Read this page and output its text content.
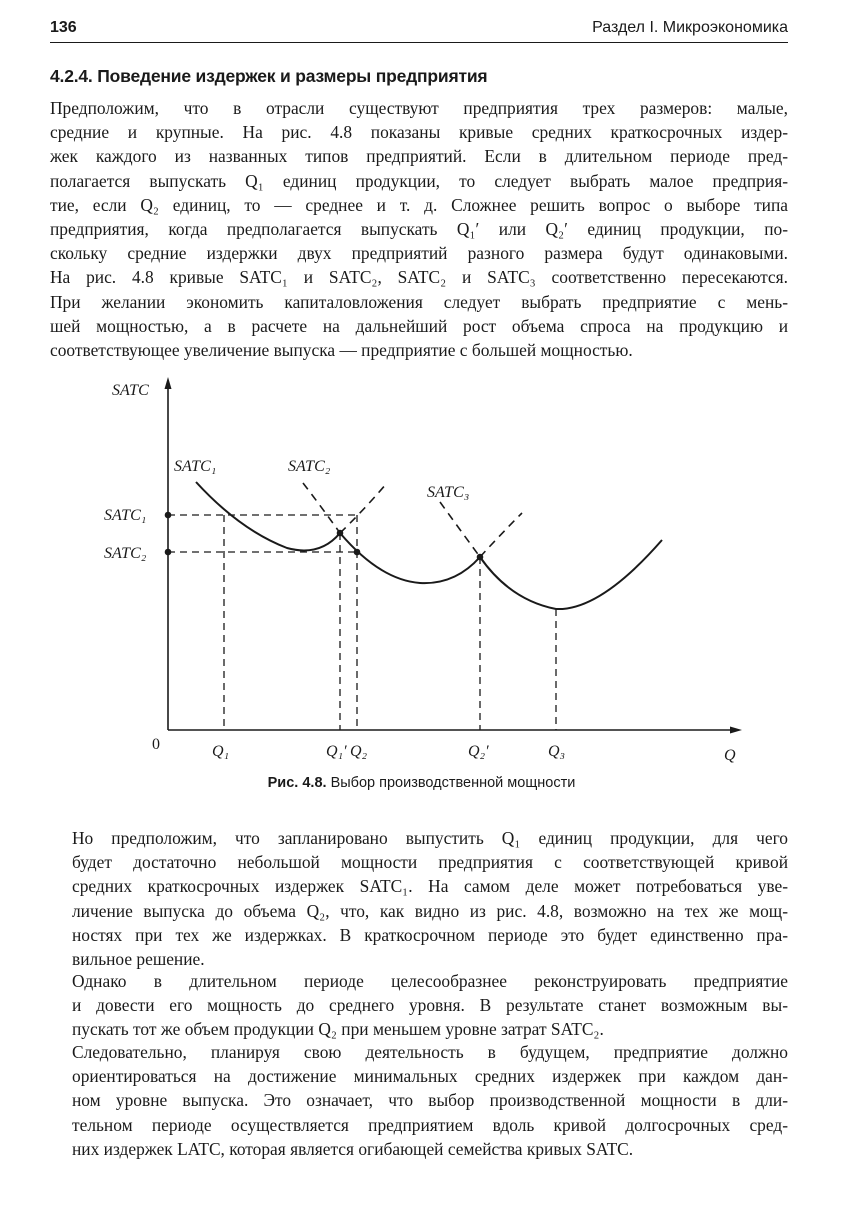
136	Раздел I. Микроэкономика
4.2.4. Поведение издержек и размеры предприятия

Предположим, что в отрасли существуют предприятия трех размеров: малые,
средние и крупные. На рис. 4.8 показаны кривые средних краткосрочных издер-
жек каждого из названных типов предприятий. Если в длительном периоде пред-
полагается выпускать Q₁ единиц продукции, то следует выбрать малое предприя-
тие, если Q₂ единиц, то — среднее и т. д. Сложнее решить вопрос о выборе типа
предприятия, когда предполагается выпускать Q₁′ или Q₂′ единиц продукции, по-
скольку средние издержки двух предприятий разного размера будут одинаковыми.
На рис. 4.8 кривые SATC₁ и SATC₂, SATC₂ и SATC₃ соответственно пересекаются.
При желании экономить капиталовложения следует выбрать предприятие с мень-
шей мощностью, а в расчете на дальнейший рост объема спроса на продукцию и
соответствующее увеличение выпуска — предприятие с большей мощностью.

SATC
Q
0
SATC₁	SATC₂
SATC₃
SATC₁
SATC₂
Q₁	Q₁′ Q₂	Q₂′	Q₃
Рис. 4.8. Выбор производственной мощности

Но предположим, что запланировано выпустить Q₁ единиц продукции, для чего
будет достаточно небольшой мощности предприятия с соответствующей кривой
средних краткосрочных издержек SATC₁. На самом деле может потребоваться уве-
личение выпуска до объема Q₂, что, как видно из рис. 4.8, возможно на тех же мощ-
ностях при тех же издержках. В краткосрочном периоде это будет единственно пра-
вильное решение.

Однако в длительном периоде целесообразнее реконструировать предприятие
и довести его мощность до среднего уровня. В результате станет возможным вы-
пускать тот же объем продукции Q₂ при меньшем уровне затрат SATC₂.

Следовательно, планируя свою деятельность в будущем, предприятие должно
ориентироваться на достижение минимальных средних издержек при каждом дан-
ном уровне выпуска. Это означает, что выбор производственной мощности в дли-
тельном периоде осуществляется предприятием вдоль кривой долгосрочных сред-
них издержек LATC, которая является огибающей семейства кривых SATC.
